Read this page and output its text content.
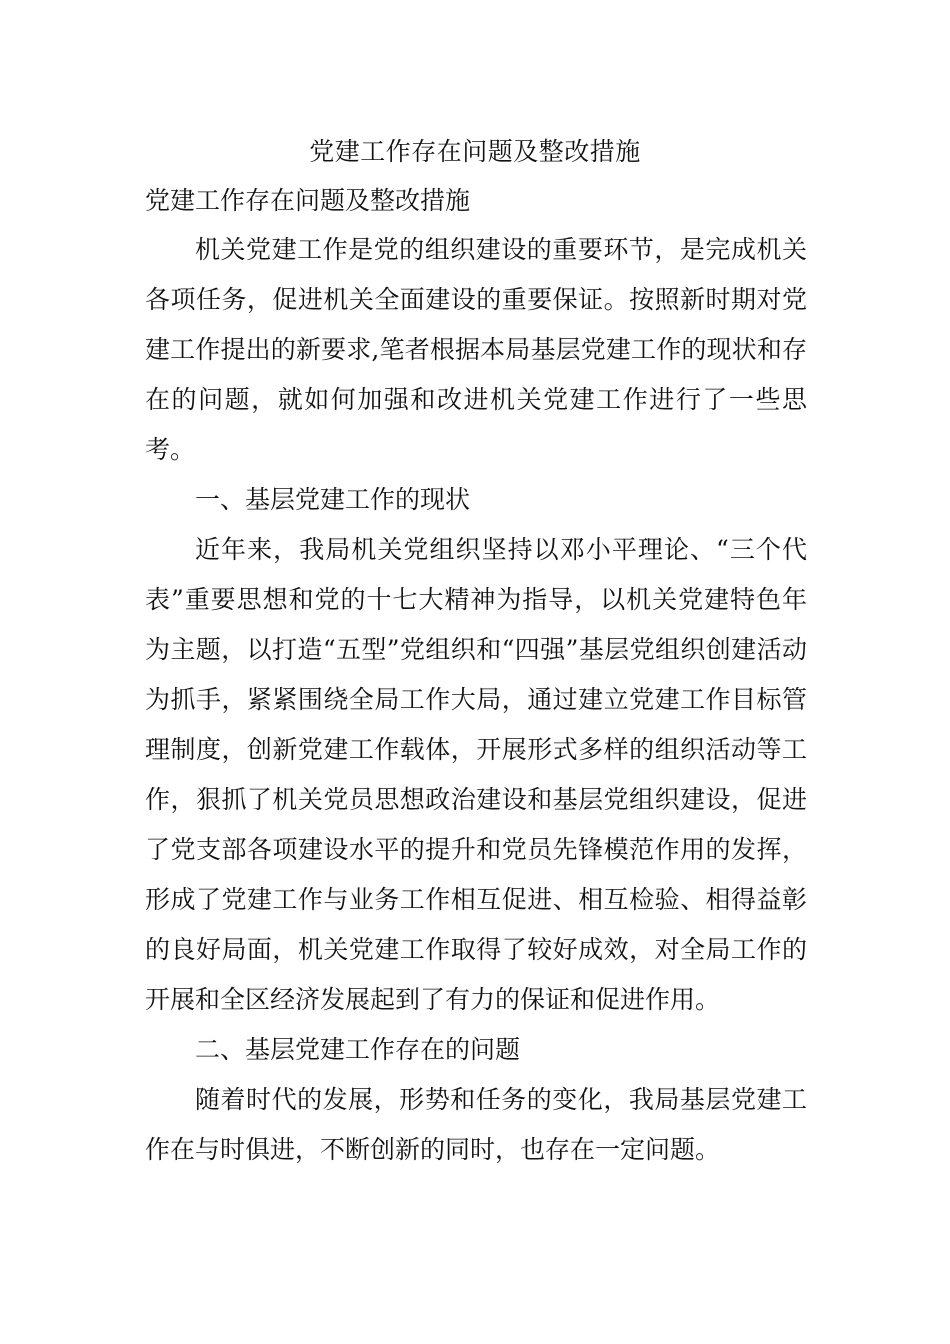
党建工作存在问题及整改措施
党建工作存在问题及整改措施

机关党建工作是党的组织建设的重要环节，是完成机关各项任务，促进机关全面建设的重要保证。按照新时期对党建工作提出的新要求,笔者根据本局基层党建工作的现状和存在的问题，就如何加强和改进机关党建工作进行了一些思考。

一、基层党建工作的现状

近年来，我局机关党组织坚持以邓小平理论、“三个代表”重要思想和党的十七大精神为指导，以机关党建特色年为主题，以打造“五型”党组织和“四强”基层党组织创建活动为抓手，紧紧围绕全局工作大局，通过建立党建工作目标管理制度，创新党建工作载体，开展形式多样的组织活动等工作，狠抓了机关党员思想政治建设和基层党组织建设，促进了党支部各项建设水平的提升和党员先锋模范作用的发挥，形成了党建工作与业务工作相互促进、相互检验、相得益彰的良好局面，机关党建工作取得了较好成效，对全局工作的开展和全区经济发展起到了有力的保证和促进作用。

二、基层党建工作存在的问题

随着时代的发展，形势和任务的变化，我局基层党建工作在与时俱进，不断创新的同时，也存在一定问题。
